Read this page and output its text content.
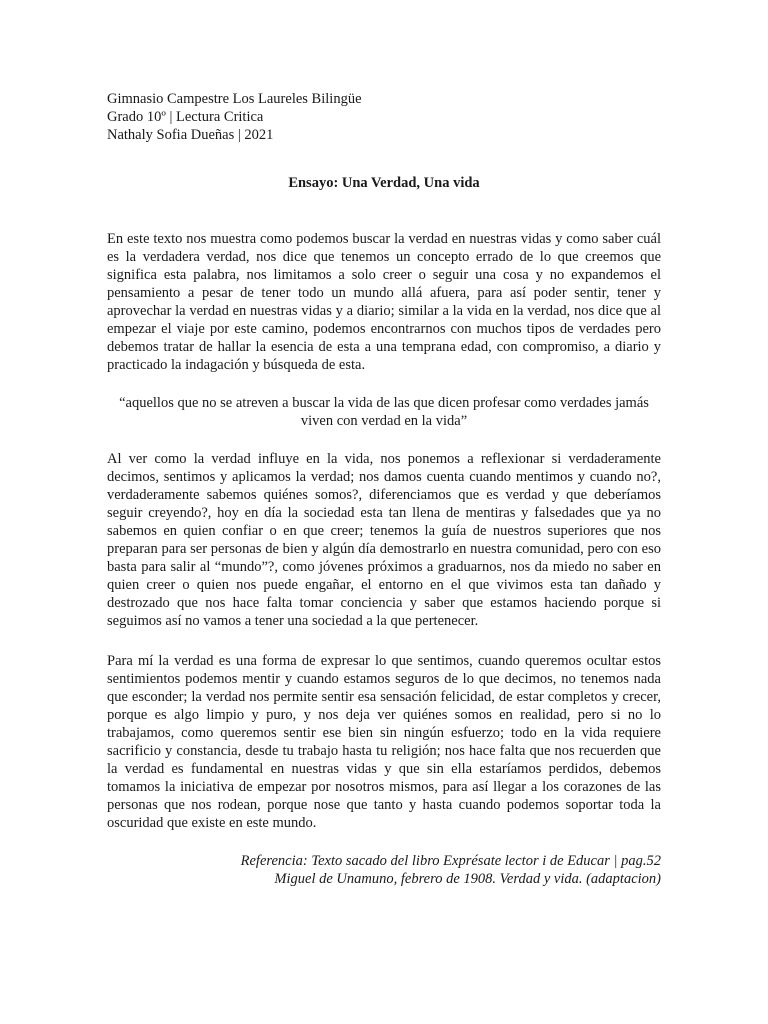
Gimnasio Campestre Los Laureles Bilingüe

Grado 10º | Lectura Critica

Nathaly Sofia Dueñas | 2021

Ensayo: Una Verdad, Una vida

En este texto nos muestra como podemos buscar la verdad en nuestras vidas y como saber cuál es la verdadera verdad, nos dice que tenemos un concepto errado de lo que creemos que significa esta palabra, nos limitamos a solo creer o seguir una cosa y no expandemos el pensamiento a pesar de tener todo un mundo allá afuera, para así poder sentir, tener y aprovechar la verdad en nuestras vidas y a diario; similar a la vida en la verdad, nos dice que al empezar el viaje por este camino, podemos encontrarnos con muchos tipos de verdades pero debemos tratar de hallar la esencia de esta a una temprana edad, con compromiso, a diario y practicado la indagación y búsqueda de esta.

“aquellos que no se atreven a buscar la vida de las que dicen profesar como verdades jamás viven con verdad en la vida”

Al ver como la verdad influye en la vida, nos ponemos a reflexionar si verdaderamente decimos, sentimos y aplicamos la verdad; nos damos cuenta cuando mentimos y cuando no?, verdaderamente sabemos quiénes somos?, diferenciamos que es verdad y que deberíamos seguir creyendo?, hoy en día la sociedad esta tan llena de mentiras y falsedades que ya no sabemos en quien confiar o en que creer; tenemos la guía de nuestros superiores que nos preparan para ser personas de bien y algún día demostrarlo en nuestra comunidad, pero con eso basta para salir al “mundo”?, como jóvenes próximos a graduarnos, nos da miedo no saber en quien creer o quien nos puede engañar, el entorno en el que vivimos esta tan dañado y destrozado que nos hace falta tomar conciencia y saber que estamos haciendo porque si seguimos así no vamos a tener una sociedad a la que pertenecer.

Para mí la verdad es una forma de expresar lo que sentimos, cuando queremos ocultar estos sentimientos podemos mentir y cuando estamos seguros de lo que decimos, no tenemos nada que esconder; la verdad nos permite sentir esa sensación felicidad, de estar completos y crecer, porque es algo limpio y puro, y nos deja ver quiénes somos en realidad, pero si no lo trabajamos, como queremos sentir ese bien sin ningún esfuerzo; todo en la vida requiere sacrificio y constancia, desde tu trabajo hasta tu religión; nos hace falta que nos recuerden que la verdad es fundamental en nuestras vidas y que sin ella estaríamos perdidos, debemos tomamos la iniciativa de empezar por nosotros mismos, para así llegar a los corazones de las personas que nos rodean, porque nose que tanto y hasta cuando podemos soportar toda la oscuridad que existe en este mundo.

Referencia: Texto sacado del libro Exprésate lector i de Educar | pag.52
Miguel de Unamuno, febrero de 1908. Verdad y vida. (adaptacion)
